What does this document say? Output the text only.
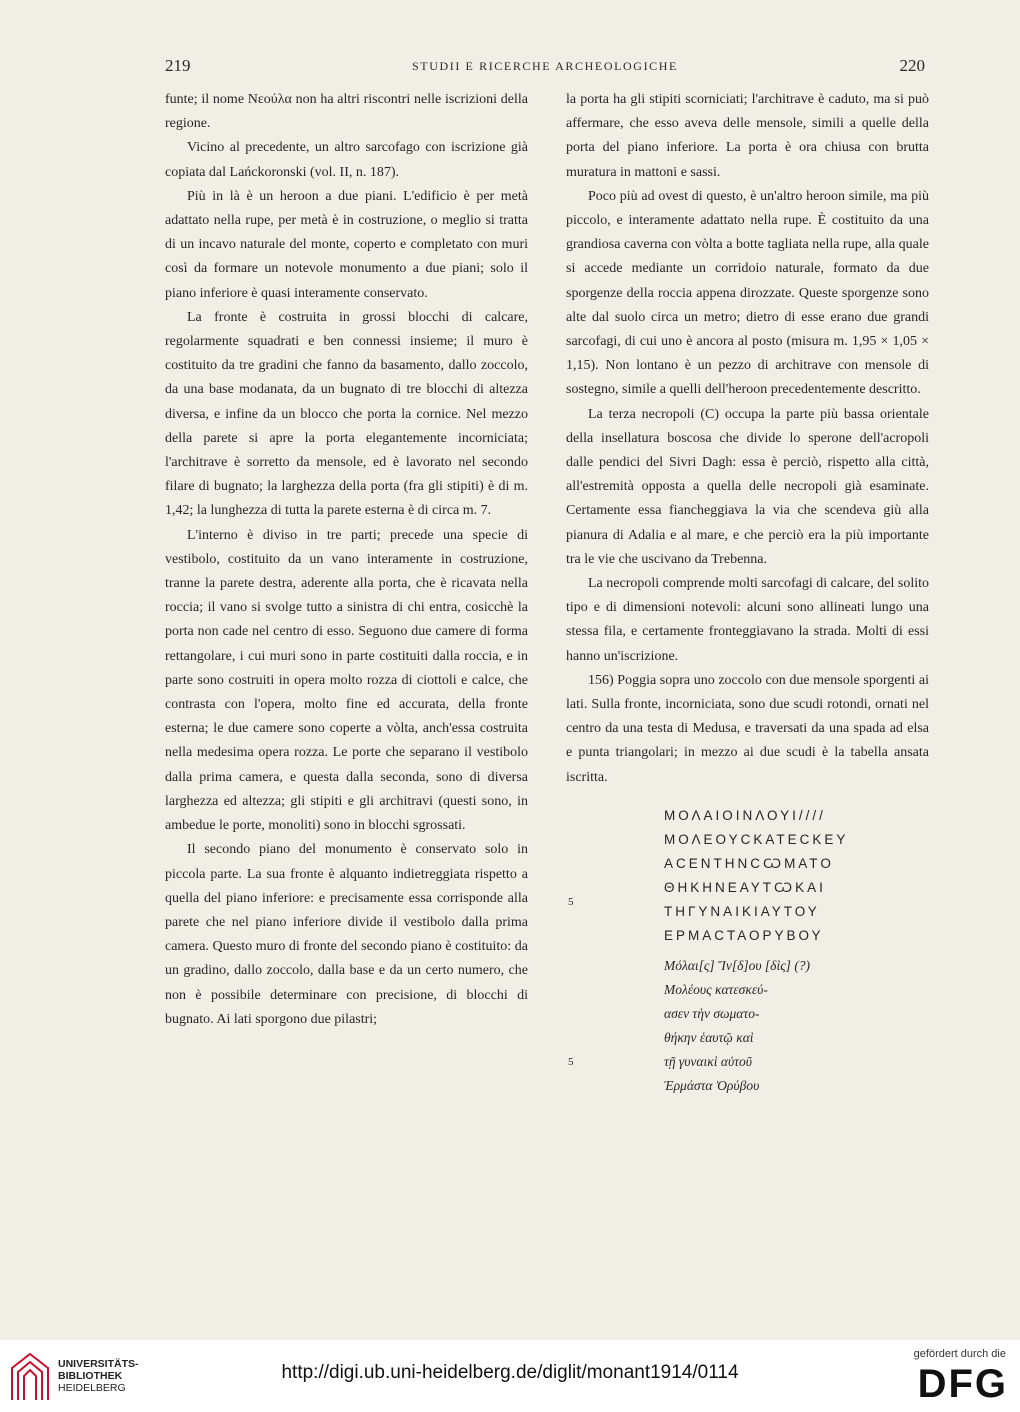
219	STUDII E RICERCHE ARCHEOLOGICHE	220

funte; il nome Νεούλα non ha altri riscontri nelle iscrizioni della regione.

Vicino al precedente, un altro sarcofago con iscrizione già copiata dal Lańckoronski (vol. II, n. 187).

Più in là è un heroon a due piani. L'edificio è per metà adattato nella rupe, per metà è in costruzione, o meglio si tratta di un incavo naturale del monte, coperto e completato con muri così da formare un notevole monumento a due piani; solo il piano inferiore è quasi interamente conservato.

La fronte è costruita in grossi blocchi di calcare, regolarmente squadrati e ben connessi insieme; il muro è costituito da tre gradini che fanno da basamento, dallo zoccolo, da una base modanata, da un bugnato di tre blocchi di altezza diversa, e infine da un blocco che porta la cornice. Nel mezzo della parete si apre la porta elegantemente incorniciata; l'architrave è sorretto da mensole, ed è lavorato nel secondo filare di bugnato; la larghezza della porta (fra gli stipiti) è di m. 1,42; la lunghezza di tutta la parete esterna è di circa m. 7.

L'interno è diviso in tre parti; precede una specie di vestibolo, costituito da un vano interamente in costruzione, tranne la parete destra, aderente alla porta, che è ricavata nella roccia; il vano si svolge tutto a sinistra di chi entra, cosicchè la porta non cade nel centro di esso. Seguono due camere di forma rettangolare, i cui muri sono in parte costituiti dalla roccia, e in parte sono costruiti in opera molto rozza di ciottoli e calce, che contrasta con l'opera, molto fine ed accurata, della fronte esterna; le due camere sono coperte a vòlta, anch'essa costruita nella medesima opera rozza. Le porte che separano il vestibolo dalla prima camera, e questa dalla seconda, sono di diversa larghezza ed altezza; gli stipiti e gli architravi (questi sono, in ambedue le porte, monoliti) sono in blocchi sgrossati.

Il secondo piano del monumento è conservato solo in piccola parte. La sua fronte è alquanto indietreggiata rispetto a quella del piano inferiore: e precisamente essa corrisponde alla parete che nel piano inferiore divide il vestibolo dalla prima camera. Questo muro di fronte del secondo piano è costituito: da un gradino, dallo zoccolo, dalla base e da un certo numero, che non è possibile determinare con precisione, di blocchi di bugnato. Ai lati sporgono due pilastri;

la porta ha gli stipiti scorniciati; l'architrave è caduto, ma si può affermare, che esso aveva delle mensole, simili a quelle della porta del piano inferiore. La porta è ora chiusa con brutta muratura in mattoni e sassi.

Poco più ad ovest di questo, è un'altro heroon simile, ma più piccolo, e interamente adattato nella rupe. È costituito da una grandiosa caverna con vòlta a botte tagliata nella rupe, alla quale si accede mediante un corridoio naturale, formato da due sporgenze della roccia appena dirozzate. Queste sporgenze sono alte dal suolo circa un metro; dietro di esse erano due grandi sarcofagi, di cui uno è ancora al posto (misura m. 1,95 × 1,05 × 1,15). Non lontano è un pezzo di architrave con mensole di sostegno, simile a quelli dell'heroon precedentemente descritto.

La terza necropoli (C) occupa la parte più bassa orientale della insellatura boscosa che divide lo sperone dell'acropoli dalle pendici del Sivri Dagh: essa è perciò, rispetto alla città, all'estremità opposta a quella delle necropoli già esaminate. Certamente essa fiancheggiava la via che scendeva giù alla pianura di Adalia e al mare, e che perciò era la più importante tra le vie che uscivano da Trebenna.

La necropoli comprende molti sarcofagi di calcare, del solito tipo e di dimensioni notevoli: alcuni sono allineati lungo una stessa fila, e certamente fronteggiavano la strada. Molti di essi hanno un'iscrizione.

156) Poggia sopra uno zoccolo con due mensole sporgenti ai lati. Sulla fronte, incorniciata, sono due scudi rotondi, ornati nel centro da una testa di Medusa, e traversati da una spada ad elsa e punta triangolari; in mezzo ai due scudi è la tabella ansata iscritta.

5
ΜΟΛΑΙΟΙΝΛΟΥΙ////
ΜΟΛΕΟΥϹΚΑΤΕϹΚΕΥ
ΑϹΕΝΤΗΝϹѠΜΑΤΟ
ΘΗΚΗΝΕΑΥΤѠΚΑΙ
ΤΗΓΥΝΑΙΚΙΑΥΤΟΥ
ΕΡΜΑϹΤΑΟΡΥΒΟΥ
5
Μόλαι[ς] Ἴν[δ]ου [δὶς] (?)
Μολέους κατεσκεύ-
ασεν τὴν σωματο-
θήκην ἑαυτῷ καὶ
τῇ γυναικὶ αὐτοῦ
Ἑρμάστα Ὀρύβου
UNIVERSITÄTS-
BIBLIOTHEK
HEIDELBERG
http://digi.ub.uni-heidelberg.de/diglit/monant1914/0114
gefördert durch die
DFG
